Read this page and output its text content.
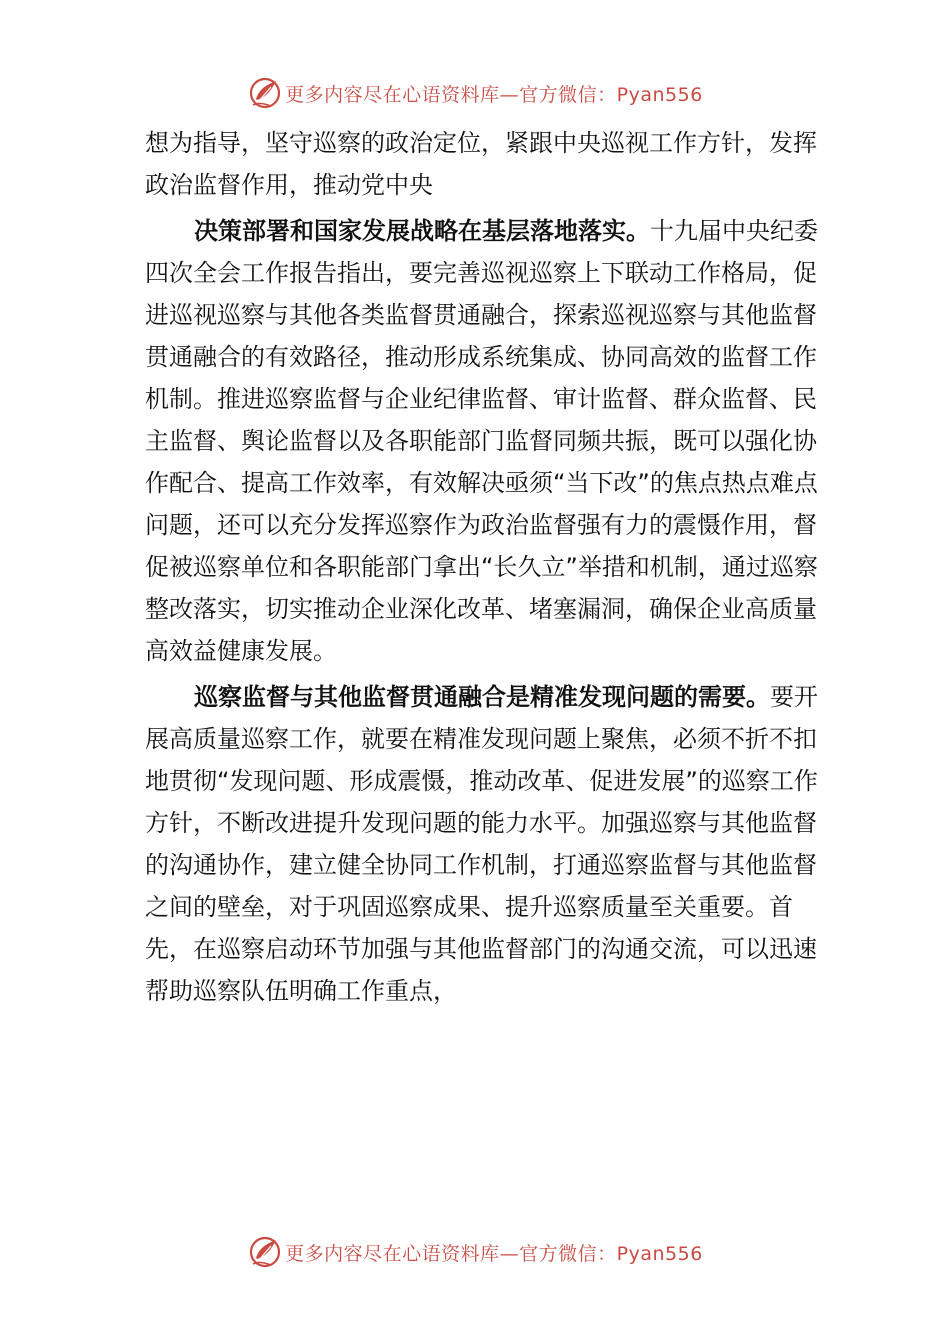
更多内容尽在心语资料库—官方微信：Pyan556

想为指导，坚守巡察的政治定位，紧跟中央巡视工作方针，发挥政治监督作用，推动党中央

决策部署和国家发展战略在基层落地落实。十九届中央纪委四次全会工作报告指出，要完善巡视巡察上下联动工作格局，促进巡视巡察与其他各类监督贯通融合，探索巡视巡察与其他监督贯通融合的有效路径，推动形成系统集成、协同高效的监督工作机制。推进巡察监督与企业纪律监督、审计监督、群众监督、民主监督、舆论监督以及各职能部门监督同频共振，既可以强化协作配合、提高工作效率，有效解决亟须“当下改”的焦点热点难点问题，还可以充分发挥巡察作为政治监督强有力的震慑作用，督促被巡察单位和各职能部门拿出“长久立”举措和机制，通过巡察整改落实，切实推动企业深化改革、堵塞漏洞，确保企业高质量高效益健康发展。

巡察监督与其他监督贯通融合是精准发现问题的需要。要开展高质量巡察工作，就要在精准发现问题上聚焦，必须不折不扣地贯彻“发现问题、形成震慑，推动改革、促进发展”的巡察工作方针，不断改进提升发现问题的能力水平。加强巡察与其他监督的沟通协作，建立健全协同工作机制，打通巡察监督与其他监督之间的壁垒，对于巩固巡察成果、提升巡察质量至关重要。首先，在巡察启动环节加强与其他监督部门的沟通交流，可以迅速帮助巡察队伍明确工作重点，

更多内容尽在心语资料库—官方微信：Pyan556
